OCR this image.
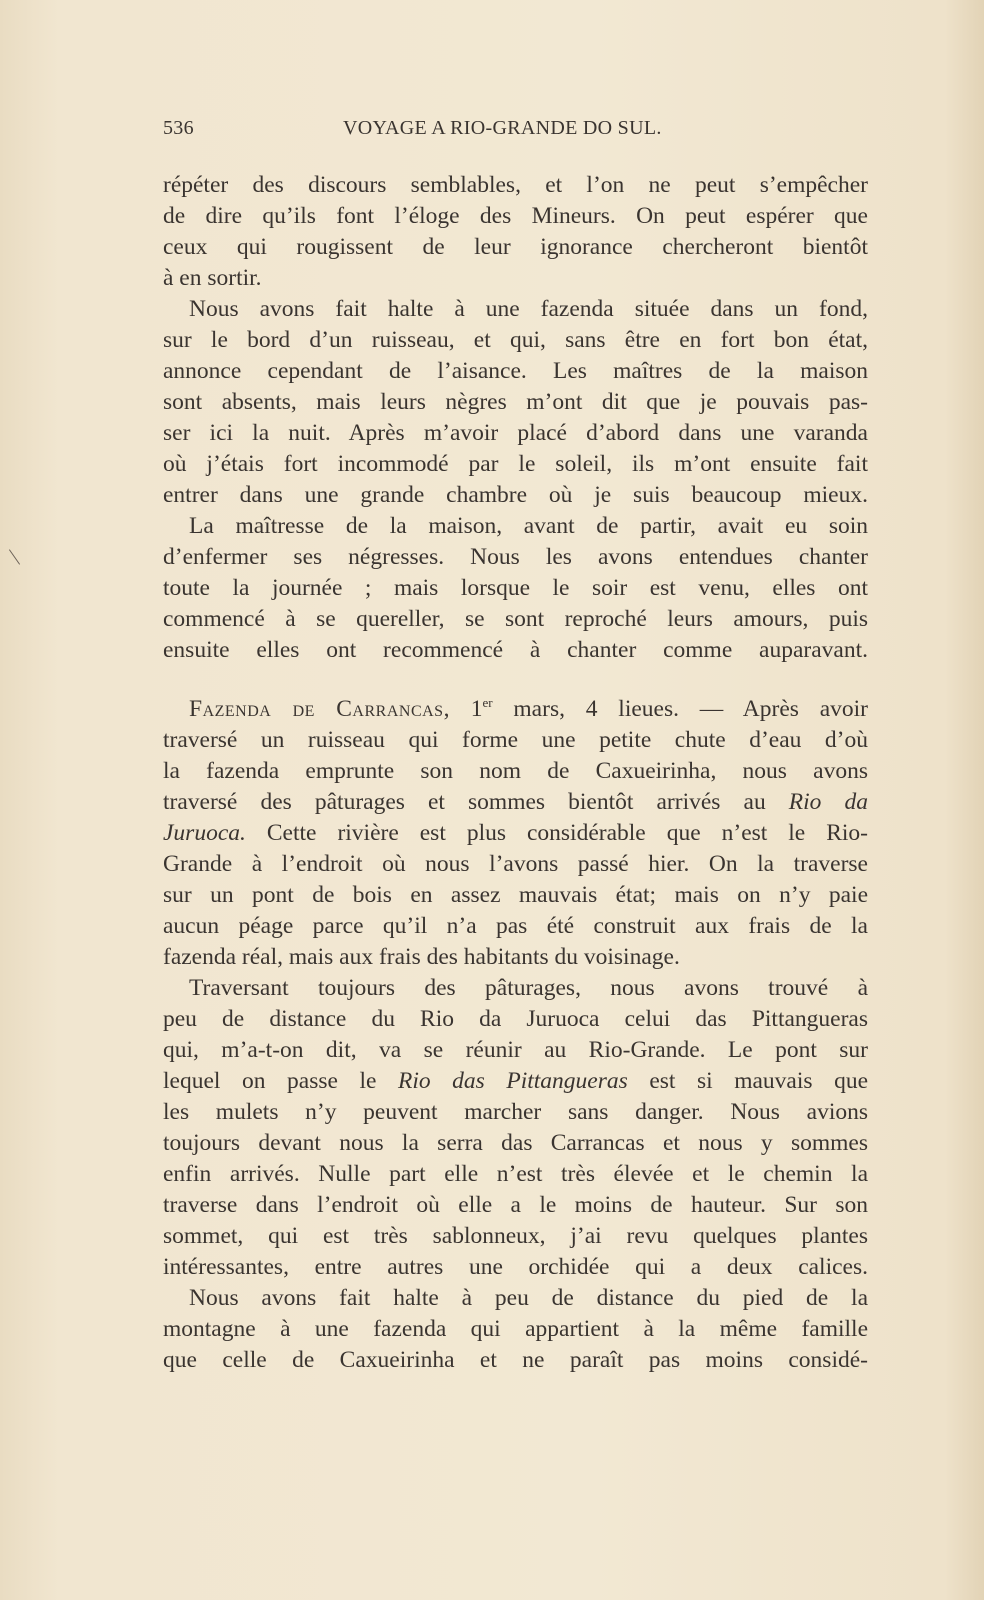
536	VOYAGE A RIO-GRANDE DO SUL.
répéter des discours semblables, et l’on ne peut s’empêcher
de dire qu’ils font l’éloge des Mineurs. On peut espérer que
ceux qui rougissent de leur ignorance chercheront bientôt
à en sortir.
Nous avons fait halte à une fazenda située dans un fond,
sur le bord d’un ruisseau, et qui, sans être en fort bon état,
annonce cependant de l’aisance. Les maîtres de la maison
sont absents, mais leurs nègres m’ont dit que je pouvais pas-
ser ici la nuit. Après m’avoir placé d’abord dans une varanda
où j’étais fort incommodé par le soleil, ils m’ont ensuite fait
entrer dans une grande chambre où je suis beaucoup mieux.
La maîtresse de la maison, avant de partir, avait eu soin
d’enfermer ses négresses. Nous les avons entendues chanter
toute la journée ; mais lorsque le soir est venu, elles ont
commencé à se quereller, se sont reproché leurs amours, puis
ensuite elles ont recommencé à chanter comme auparavant.
Fazenda de Carrancas, 1er mars, 4 lieues. — Après avoir
traversé un ruisseau qui forme une petite chute d’eau d’où
la fazenda emprunte son nom de Caxueirinha, nous avons
traversé des pâturages et sommes bientôt arrivés au Rio da
Juruoca. Cette rivière est plus considérable que n’est le Rio-
Grande à l’endroit où nous l’avons passé hier. On la traverse
sur un pont de bois en assez mauvais état; mais on n’y paie
aucun péage parce qu’il n’a pas été construit aux frais de la
fazenda réal, mais aux frais des habitants du voisinage.
Traversant toujours des pâturages, nous avons trouvé à
peu de distance du Rio da Juruoca celui das Pittangueras
qui, m’a-t-on dit, va se réunir au Rio-Grande. Le pont sur
lequel on passe le Rio das Pittangueras est si mauvais que
les mulets n’y peuvent marcher sans danger. Nous avions
toujours devant nous la serra das Carrancas et nous y sommes
enfin arrivés. Nulle part elle n’est très élevée et le chemin la
traverse dans l’endroit où elle a le moins de hauteur. Sur son
sommet, qui est très sablonneux, j’ai revu quelques plantes
intéressantes, entre autres une orchidée qui a deux calices.
Nous avons fait halte à peu de distance du pied de la
montagne à une fazenda qui appartient à la même famille
que celle de Caxueirinha et ne paraît pas moins considé-
